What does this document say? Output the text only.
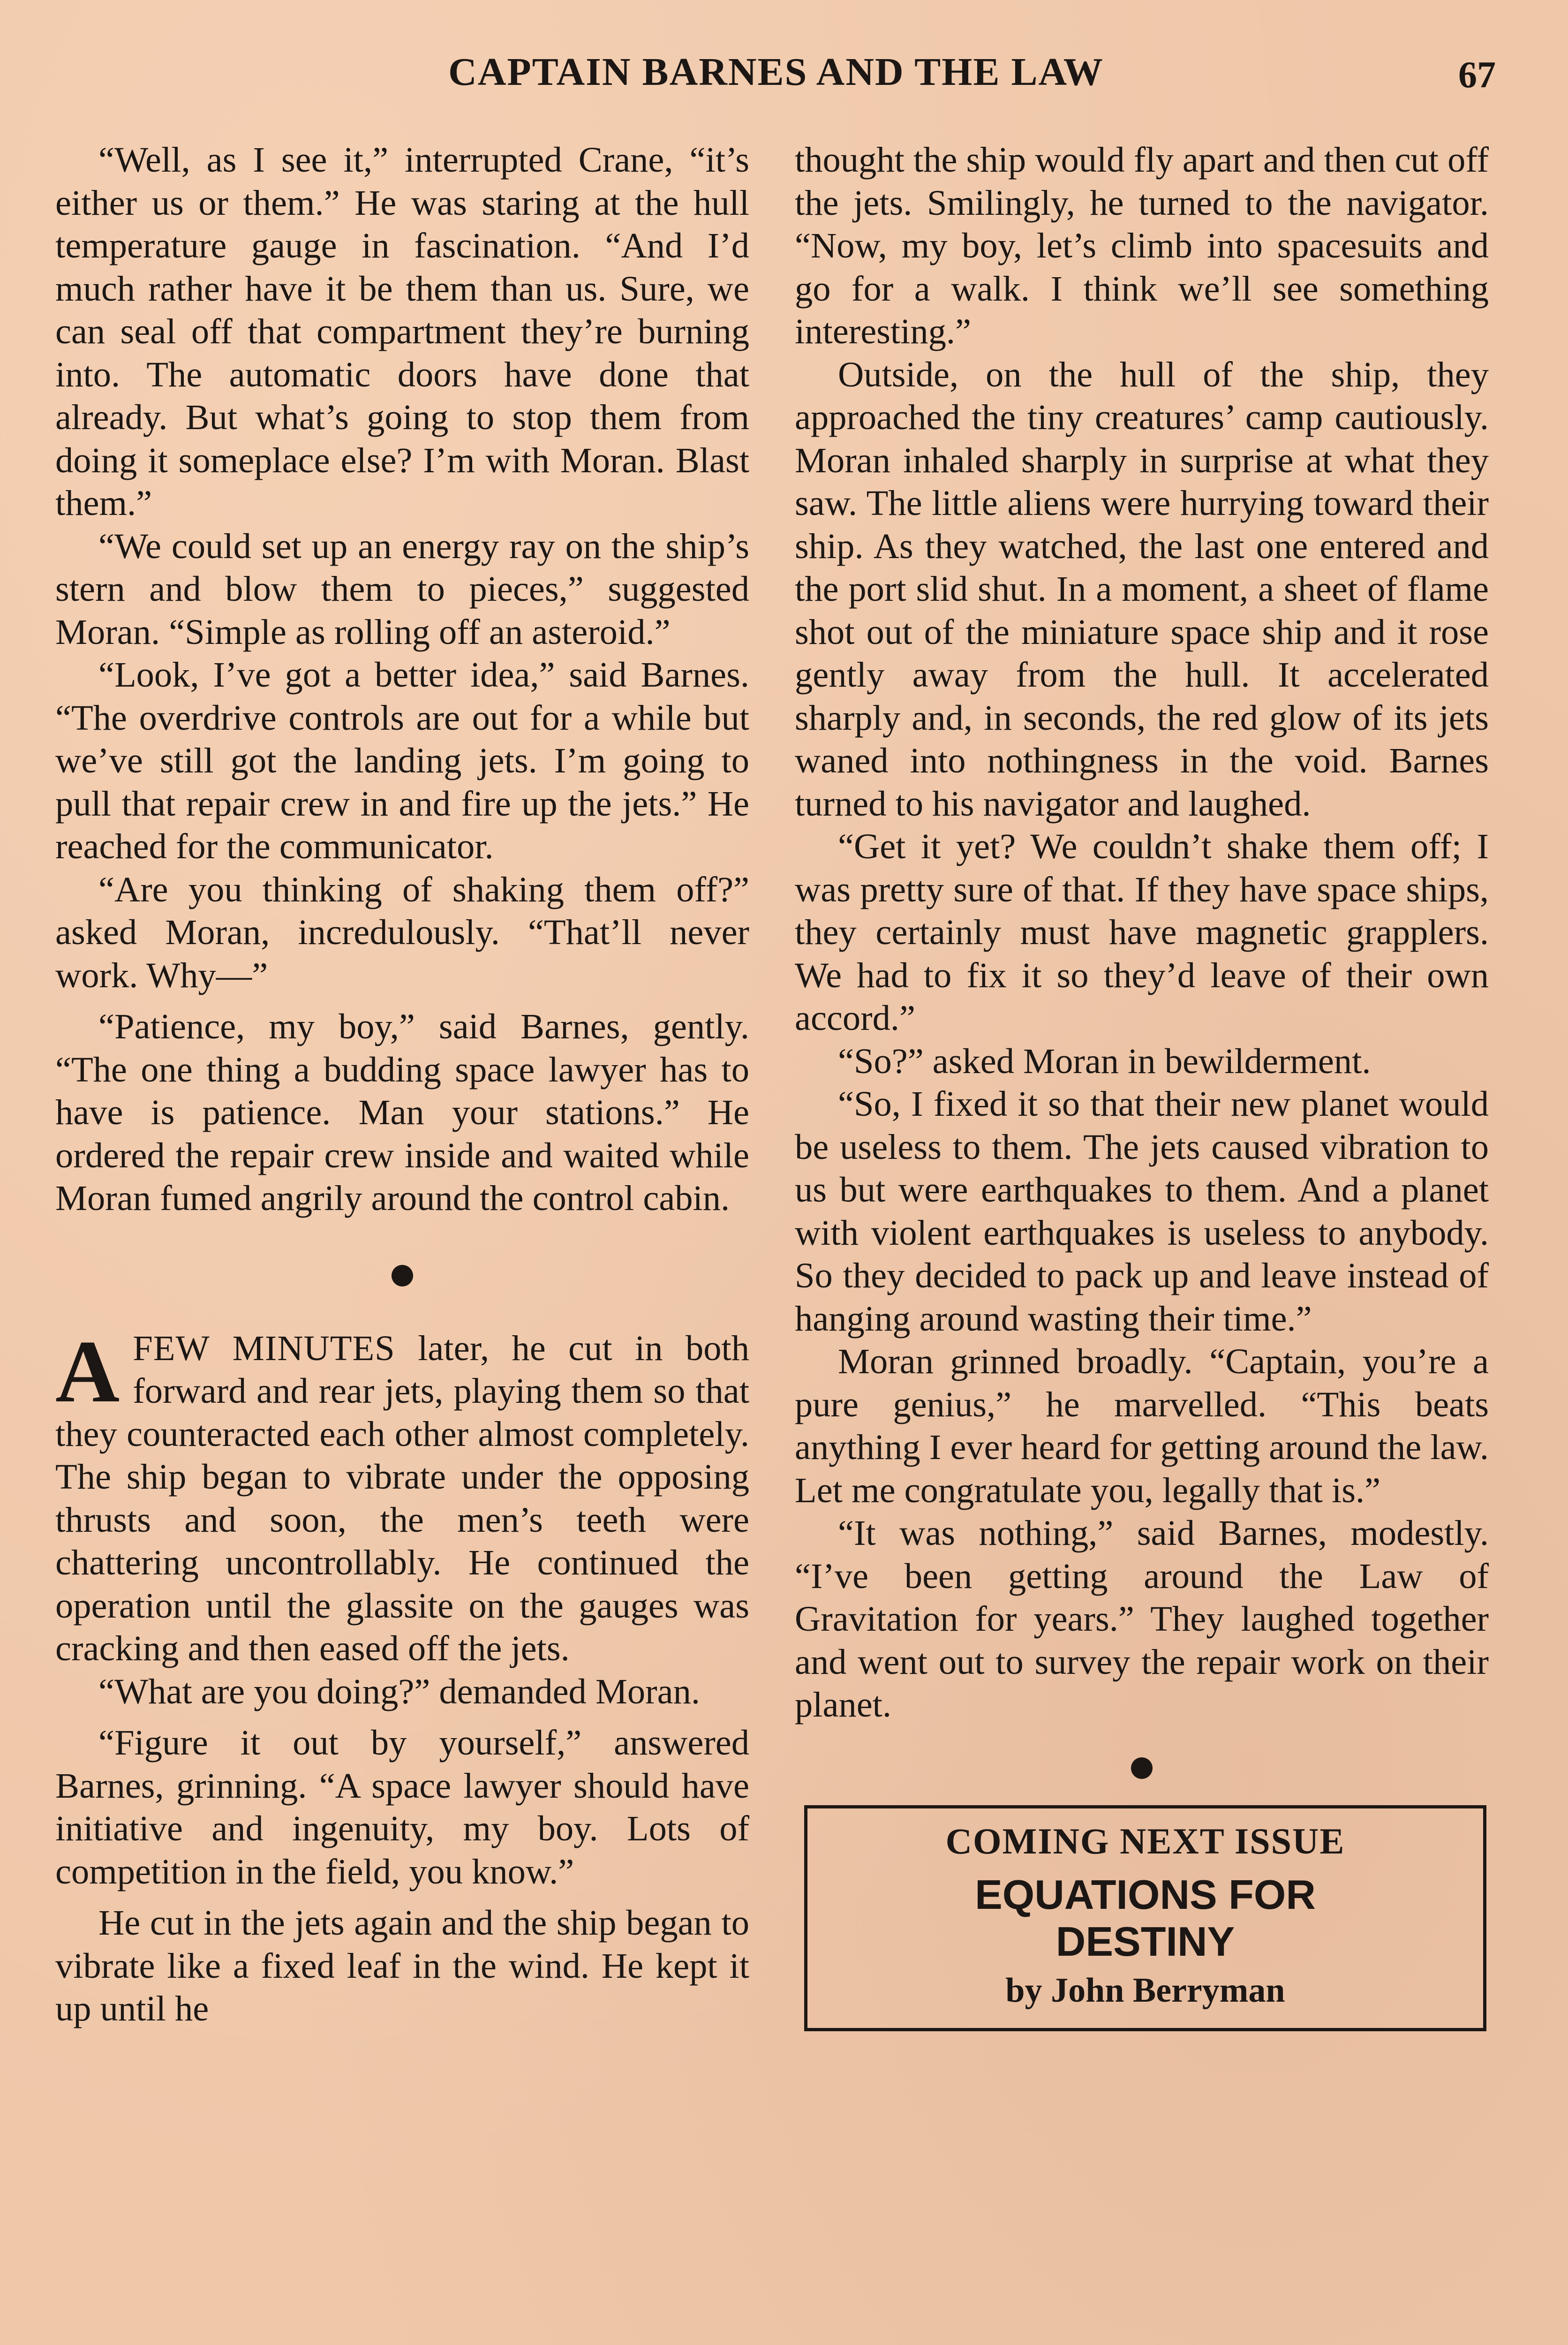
CAPTAIN BARNES AND THE LAW	67

“Well, as I see it,” interrupted Crane, “it’s either us or them.” He was staring at the hull temperature gauge in fascination. “And I’d much rather have it be them than us. Sure, we can seal off that compartment they’re burning into. The automatic doors have done that already. But what’s going to stop them from doing it someplace else? I’m with Moran. Blast them.”

“We could set up an energy ray on the ship’s stern and blow them to pieces,” suggested Moran. “Simple as rolling off an asteroid.”

“Look, I’ve got a better idea,” said Barnes. “The overdrive controls are out for a while but we’ve still got the landing jets. I’m going to pull that repair crew in and fire up the jets.” He reached for the communicator.

“Are you thinking of shaking them off?” asked Moran, incredulously. “That’ll never work. Why—”

“Patience, my boy,” said Barnes, gently. “The one thing a budding space lawyer has to have is patience. Man your stations.” He ordered the repair crew inside and waited while Moran fumed angrily around the control cabin.

AFEW MINUTES later, he cut in both forward and rear jets, playing them so that they counteracted each other almost completely. The ship began to vibrate under the opposing thrusts and soon, the men’s teeth were chattering uncontrollably. He continued the operation until the glassite on the gauges was cracking and then eased off the jets.

“What are you doing?” demanded Moran.

“Figure it out by yourself,” answered Barnes, grinning. “A space lawyer should have initiative and ingenuity, my boy. Lots of competition in the field, you know.”

He cut in the jets again and the ship began to vibrate like a fixed leaf in the wind. He kept it up until he

thought the ship would fly apart and then cut off the jets. Smilingly, he turned to the navigator. “Now, my boy, let’s climb into spacesuits and go for a walk. I think we’ll see something interesting.”

Outside, on the hull of the ship, they approached the tiny creatures’ camp cautiously. Moran inhaled sharply in surprise at what they saw. The little aliens were hurrying toward their ship. As they watched, the last one entered and the port slid shut. In a moment, a sheet of flame shot out of the miniature space ship and it rose gently away from the hull. It accelerated sharply and, in seconds, the red glow of its jets waned into nothingness in the void. Barnes turned to his navigator and laughed.

“Get it yet? We couldn’t shake them off; I was pretty sure of that. If they have space ships, they certainly must have magnetic grapplers. We had to fix it so they’d leave of their own accord.”

“So?” asked Moran in bewilderment.

“So, I fixed it so that their new planet would be useless to them. The jets caused vibration to us but were earthquakes to them. And a planet with violent earthquakes is useless to anybody. So they decided to pack up and leave instead of hanging around wasting their time.”

Moran grinned broadly. “Captain, you’re a pure genius,” he marvelled. “This beats anything I ever heard for getting around the law. Let me congratulate you, legally that is.”

“It was nothing,” said Barnes, modestly. “I’ve been getting around the Law of Gravitation for years.” They laughed together and went out to survey the repair work on their planet.

COMING NEXT ISSUE
EQUATIONS FOR
DESTINY
by John Berryman
